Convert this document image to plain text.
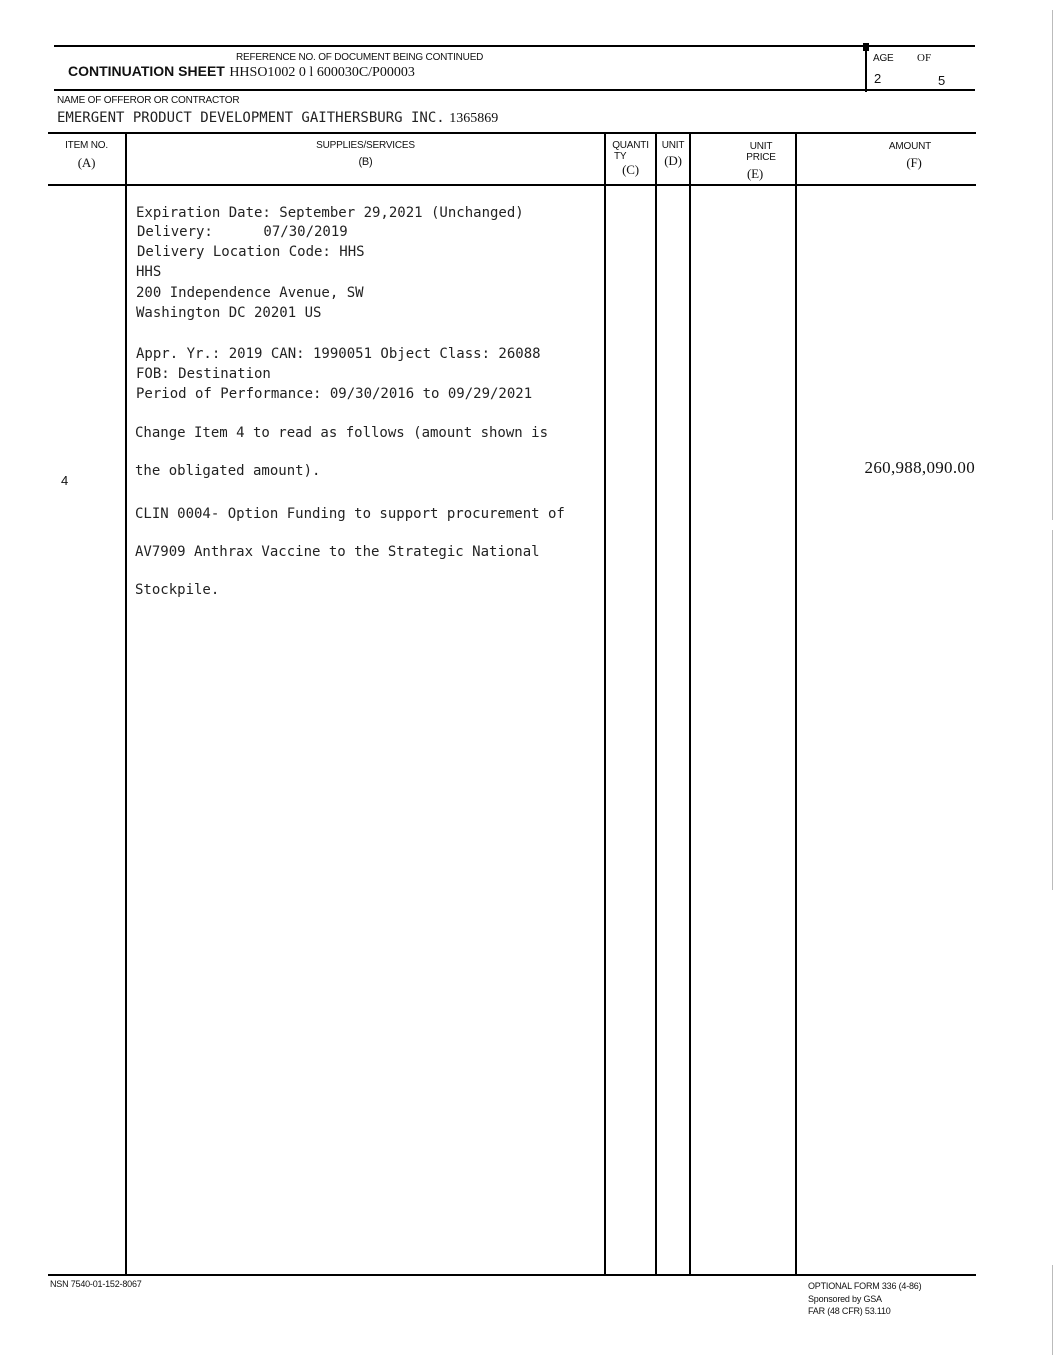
REFERENCE NO. OF DOCUMENT BEING CONTINUED
CONTINUATION SHEET HHSO1002 0 l 600030C/P00003
AGE OF
2	5
NAME OF OFFEROR OR CONTRACTOR
EMERGENT PRODUCT DEVELOPMENT GAITHERSBURG INC. 1365869
ITEM NO.
(A)
SUPPLIES/SERVICES
(B)
QUANTI
TY
(C)
UNIT
(D)
UNIT
PRICE
(E)
AMOUNT
(F)
Expiration Date: September 29,2021 (Unchanged)
Delivery:      07/30/2019
Delivery Location Code: HHS
HHS
200 Independence Avenue, SW
Washington DC 20201 US
Appr. Yr.: 2019 CAN: 1990051 Object Class: 26088
FOB: Destination
Period of Performance: 09/30/2016 to 09/29/2021
Change Item 4 to read as follows (amount shown is
the obligated amount).
CLIN 0004- Option Funding to support procurement of
AV7909 Anthrax Vaccine to the Strategic National
Stockpile.
4
260,988,090.00
NSN 7540-01-152-8067	OPTIONAL FORM 336 (4-86)
Sponsored by GSA
FAR (48 CFR) 53.110
